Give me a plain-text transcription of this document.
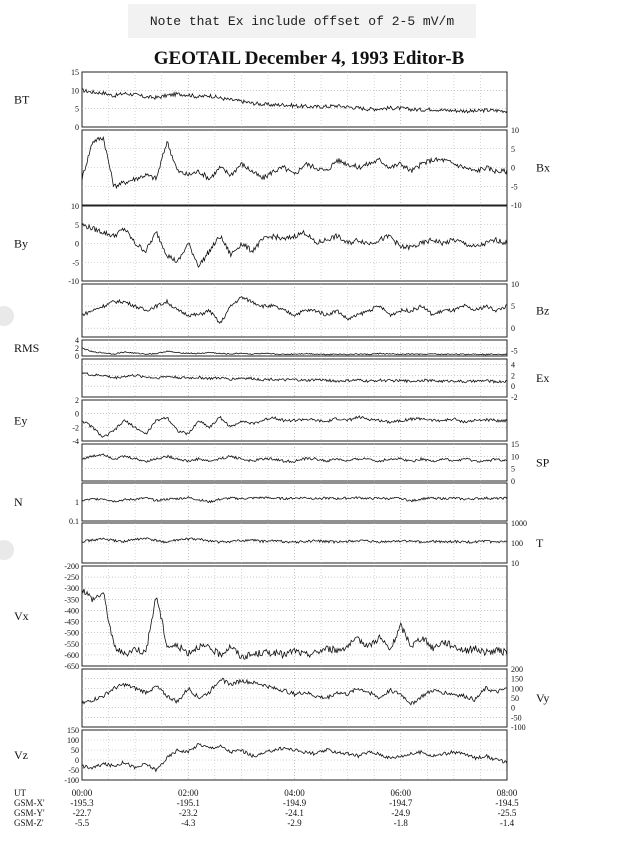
Note that Ex include offset of 2-5 mV/m
GEOTAIL December 4, 1993 Editor-B
15
10
5
0
BT
10
5
0
-5
-10
Bx
10
5
0
-5
-10
By
10
5
0
-5
Bz
4
2
0
RMS
4
2
0
-2
Ex
2
0
-2
-4
Ey
15
10
5
0
SP
1
0.1
N
1000
100
10
T
-200
-250
-300
-350
-400
-450
-500
-550
-600
-650
Vx
200
150
100
50
0
-50
-100
Vy
150
100
50
0
-50
-100
Vz
UT
GSM-X'
GSM-Y'
GSM-Z'
00:00
-195.3
-22.7
-5.5
02:00
-195.1
-23.2
-4.3
04:00
-194.9
-24.1
-2.9
06:00
-194.7
-24.9
-1.8
08:00
-194.5
-25.5
-1.4
